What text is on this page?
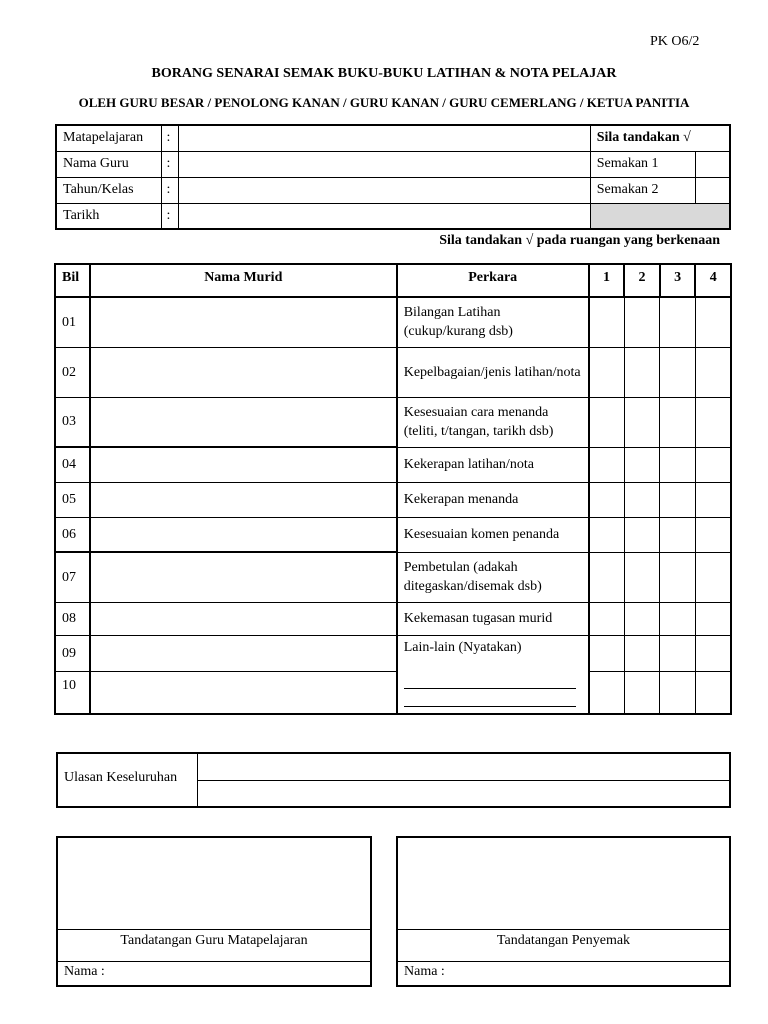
PK O6/2
BORANG SENARAI SEMAK BUKU-BUKU LATIHAN & NOTA PELAJAR
OLEH GURU BESAR / PENOLONG KANAN / GURU KANAN / GURU CEMERLANG / KETUA PANITIA
Matapelajaran	:		Sila tandakan √	
Nama Guru	:		Semakan 1	
Tahun/Kelas	:		Semakan 2	
Tarikh	:			
Sila tandakan √ pada ruangan yang berkenaan
Bil	Nama Murid	Perkara	1	2	3	4
01		Bilangan Latihan (cukup/kurang dsb)				
02		Kepelbagaian/jenis latihan/nota				
03		Kesesuaian cara menanda (teliti, t/tangan, tarikh dsb)				
04		Kekerapan latihan/nota				
05		Kekerapan menanda				
06		Kesesuaian komen penanda				
07		Pembetulan (adakah ditegaskan/disemak dsb)				
08		Kekemasan tugasan murid				
09		Lain-lain (Nyatakan)

10						
Ulasan Keseluruhan
Tandatangan Guru Matapelajaran
Nama :
Tandatangan Penyemak
Nama :
